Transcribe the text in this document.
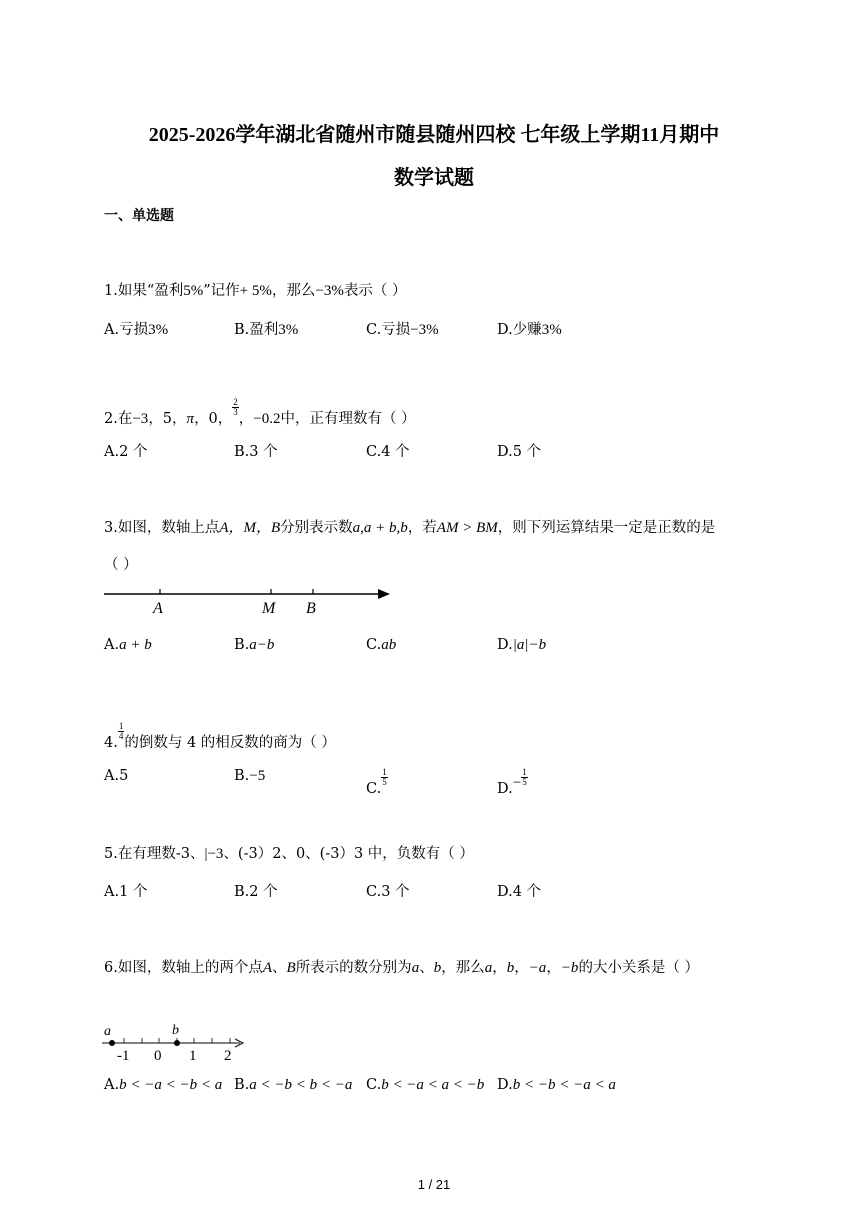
2025-2026学年湖北省随州市随县随州四校 七年级上学期11月期中
数学试题
一、单选题
1.如果“盈利5%”记作+ 5%，那么−3%表示（ ）
A.亏损3%	B.盈利3%	C.亏损−3%	D.少赚3%
2.在−3，5，π，0，
$\frac{2}{3}$
，−0.2中，正有理数有（ ）
A.2 个	B.3 个	C.4 个	D.5 个
3.如图，数轴上点A，M，B分别表示数a,a + b,b，若AM > BM，则下列运算结果一定是正数的是
（ ）
A	M B
A.a + b	B.a−b	C.ab	D.|a|−b
4.
$\frac{1}{4}$
的倒数与 4 的相反数的商为（ ）
A.5	B.−5
C.
$\frac{1}{5}$
$D.- \frac{1}{5}$
5.在有理数-3、|−3、(-3）2、0、(-3）3 中，负数有（ ）
A.1 个	B.2 个	C.3 个	D.4 个
6.如图，数轴上的两个点A、B所表示的数分别为a、b，那么a，b，−a，−b的大小关系是（ ）
a	b
-1 0 1 2
A.b < −a < −b < a B.a < −b < b < −a C.b < −a < a < −b D.b < −b < −a < a
1 / 21
